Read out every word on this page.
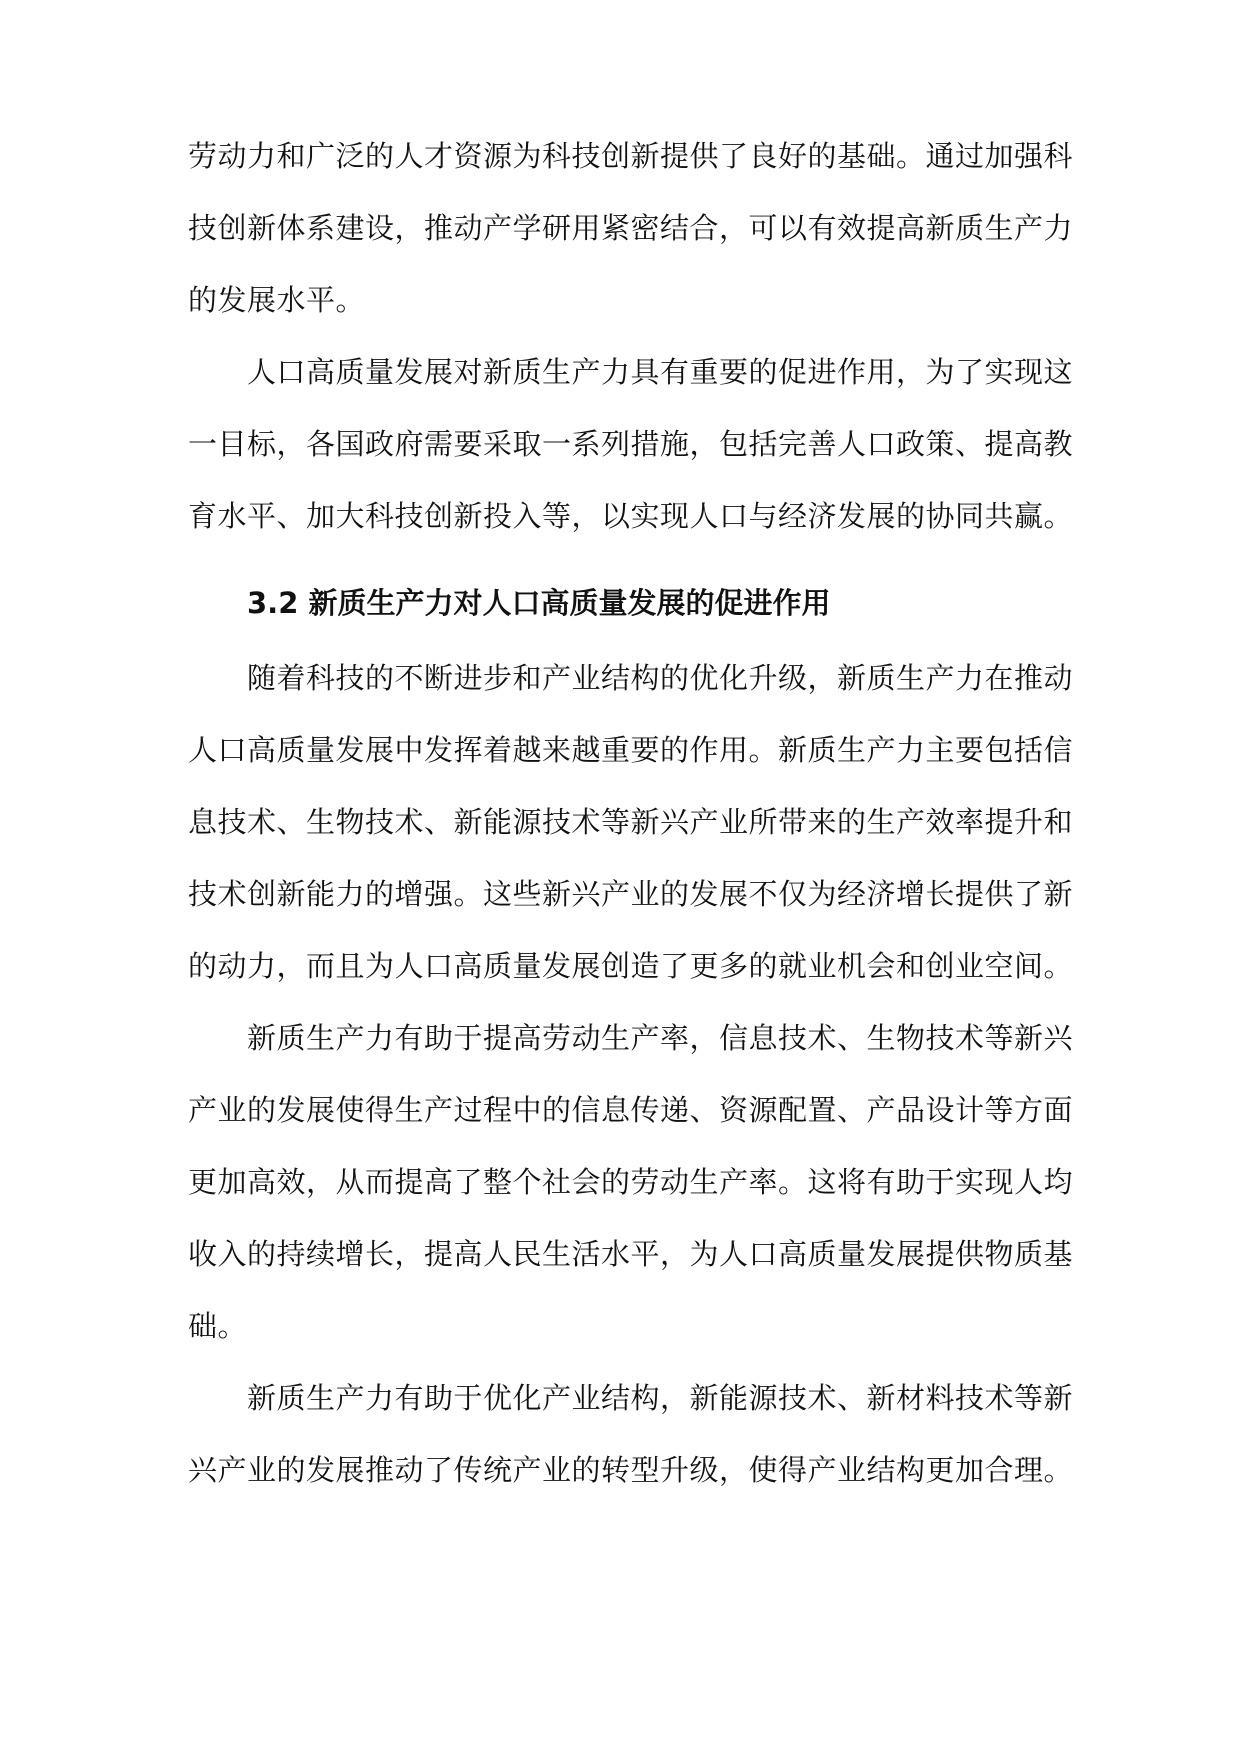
劳动力和广泛的人才资源为科技创新提供了良好的基础。通过加强科
技创新体系建设，推动产学研用紧密结合，可以有效提高新质生产力
的发展水平。
人口高质量发展对新质生产力具有重要的促进作用，为了实现这
一目标，各国政府需要采取一系列措施，包括完善人口政策、提高教
育水平、加大科技创新投入等，以实现人口与经济发展的协同共赢。
3.2 新质生产力对人口高质量发展的促进作用
随着科技的不断进步和产业结构的优化升级，新质生产力在推动
人口高质量发展中发挥着越来越重要的作用。新质生产力主要包括信
息技术、生物技术、新能源技术等新兴产业所带来的生产效率提升和
技术创新能力的增强。这些新兴产业的发展不仅为经济增长提供了新
的动力，而且为人口高质量发展创造了更多的就业机会和创业空间。
新质生产力有助于提高劳动生产率，信息技术、生物技术等新兴
产业的发展使得生产过程中的信息传递、资源配置、产品设计等方面
更加高效，从而提高了整个社会的劳动生产率。这将有助于实现人均
收入的持续增长，提高人民生活水平，为人口高质量发展提供物质基
础。
新质生产力有助于优化产业结构，新能源技术、新材料技术等新
兴产业的发展推动了传统产业的转型升级，使得产业结构更加合理。
